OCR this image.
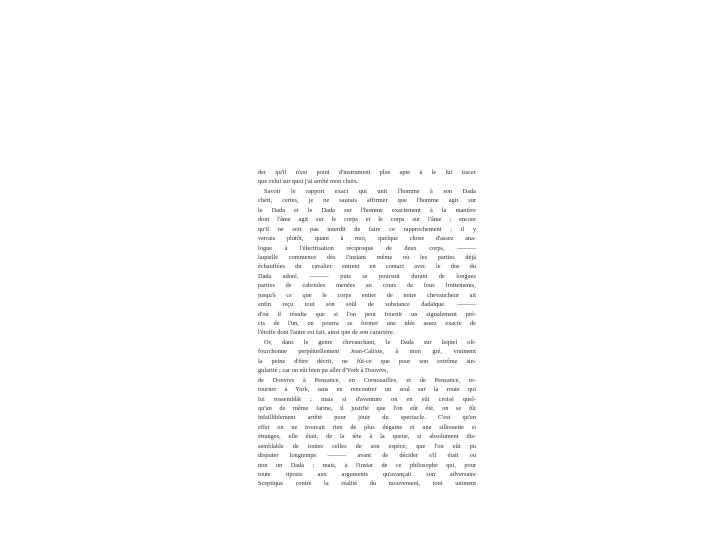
der qu'il n'est point d'instrument plus apte à le lui tracer
que celui sur quoi j'ai arrêté mon choix.
Savoir le rapport exact qui unit l'homme à son Dada
chéri, certes, je ne saurais affirmer que l'homme agit sur
le Dada et le Dada sur l'homme exactement à la manière
dont l'âme agit sur le corps et le corps sur l'âme ; encore
qu'il ne soit pas interdit de faire ce rapprochement ; il y
verrais plutôt, quant à moi, quelque chose d'assez ana-
logue à l'électrisation réciproque de deux corps, ———
laquelle commence dès l'instant même où les parties déjà
échauffées du cavalier entrent en contact avec le dos du
Dada adoré, ——— puis se poursuit durant de longues
parties de cabrioles menées au cours de fous frottements,
jusqu'à ce que le corps entier de notre chevaucheur ait
enfin reçu tout son soûl de substance dadaïque. ———
d'où il résulte que si l'on peut fournir un signalement pré-
cis de l'un, on pourra se former une idée assez exacte de
l'étoffe dont l'autre est fait, ainsi que de son caractère.
Or, dans le genre chevauchant, le Dada sur lequel oli-
fourchonne perpétuellement Jean-Calixte, à mon gré, vraiment
la peine d'être décrit, ne fût-ce que pour son extrême sin-
gularité ; car on eût bien pu aller d'York à Douvres,
de Douvres à Penzance, en Cornouailles, et de Penzance, re-
tourner à York, sans en rencontrer un seul sur la route qui
lui ressemblât ; mais si d'aventure on en eût croisé quel-
qu'un de même farine, il justifié que l'on eût été, on se fût
infailliblement arrêté pour jouir du spectacle. C'est qu'en
effet on ne trouvait rien de plus dégaine et une silhouette si
étranges, elle était, de la tête à la queue, si absolument dis-
semblable de toutes celles de son espèce, que l'on eût pu
disputer longtemps ——— avant de décider s'il était ou
non un Dada ; mais, à l'instar de ce philosophe qui, pour
toute riposte aux arguments qu'avançait son adversaire
Sceptique contre la réalité du mouvement, tout uniment
